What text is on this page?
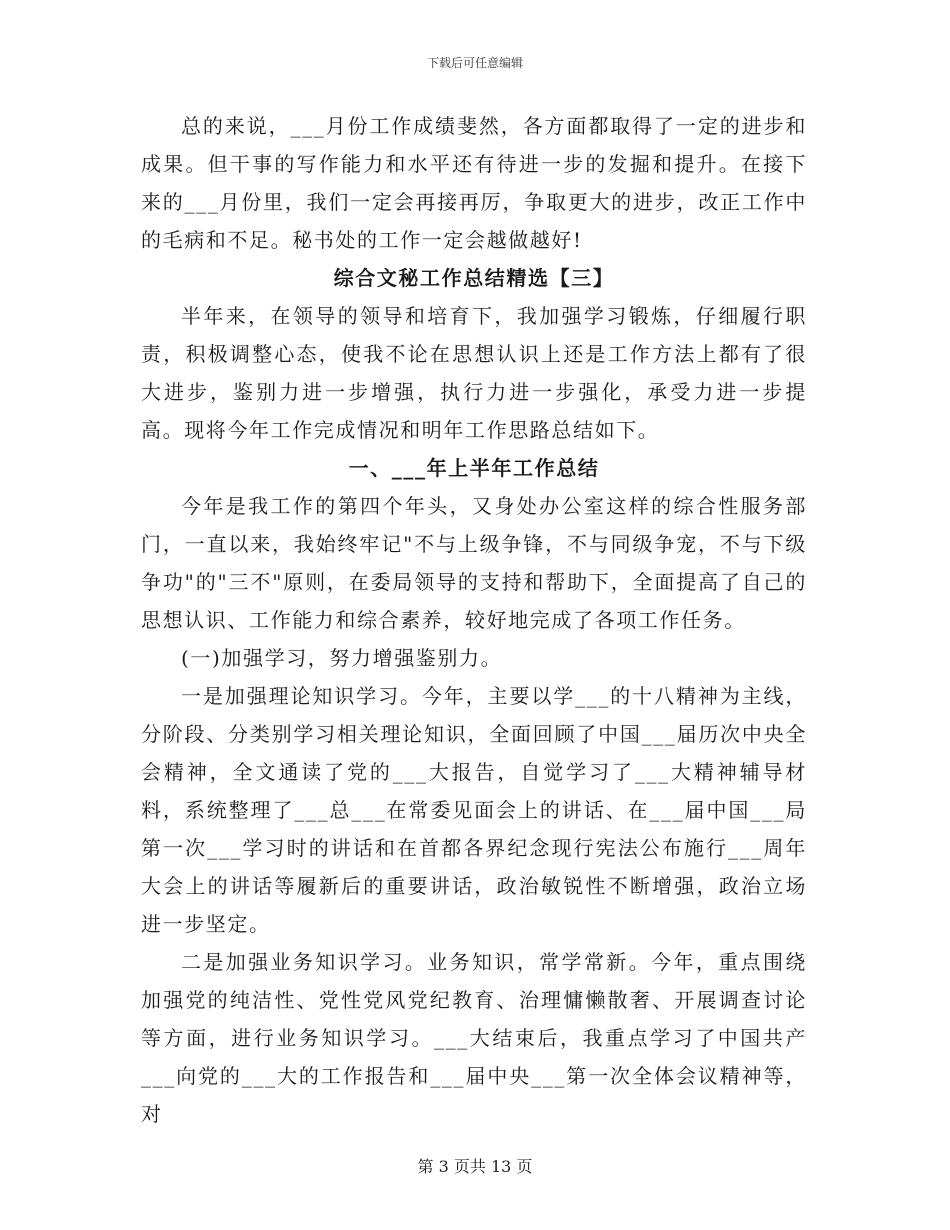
下载后可任意编辑

总的来说，___月份工作成绩斐然，各方面都取得了一定的进步和成果。但干事的写作能力和水平还有待进一步的发掘和提升。在接下来的___月份里，我们一定会再接再厉，争取更大的进步，改正工作中的毛病和不足。秘书处的工作一定会越做越好!

综合文秘工作总结精选【三】

半年来，在领导的领导和培育下，我加强学习锻炼，仔细履行职责，积极调整心态，使我不论在思想认识上还是工作方法上都有了很大进步，鉴别力进一步增强，执行力进一步强化，承受力进一步提高。现将今年工作完成情况和明年工作思路总结如下。

一、___年上半年工作总结

今年是我工作的第四个年头，又身处办公室这样的综合性服务部门，一直以来，我始终牢记"不与上级争锋，不与同级争宠，不与下级争功"的"三不"原则，在委局领导的支持和帮助下，全面提高了自己的思想认识、工作能力和综合素养，较好地完成了各项工作任务。

(一)加强学习，努力增强鉴别力。

一是加强理论知识学习。今年，主要以学___的十八精神为主线，分阶段、分类别学习相关理论知识，全面回顾了中国___届历次中央全会精神，全文通读了党的___大报告，自觉学习了___大精神辅导材料，系统整理了___总___在常委见面会上的讲话、在___届中国___局第一次___学习时的讲话和在首都各界纪念现行宪法公布施行___周年大会上的讲话等履新后的重要讲话，政治敏锐性不断增强，政治立场进一步坚定。

二是加强业务知识学习。业务知识，常学常新。今年，重点围绕加强党的纯洁性、党性党风党纪教育、治理慵懒散奢、开展调查讨论等方面，进行业务知识学习。___大结束后，我重点学习了中国共产___向党的___大的工作报告和___届中央___第一次全体会议精神等，对

第 3 页共 13 页
